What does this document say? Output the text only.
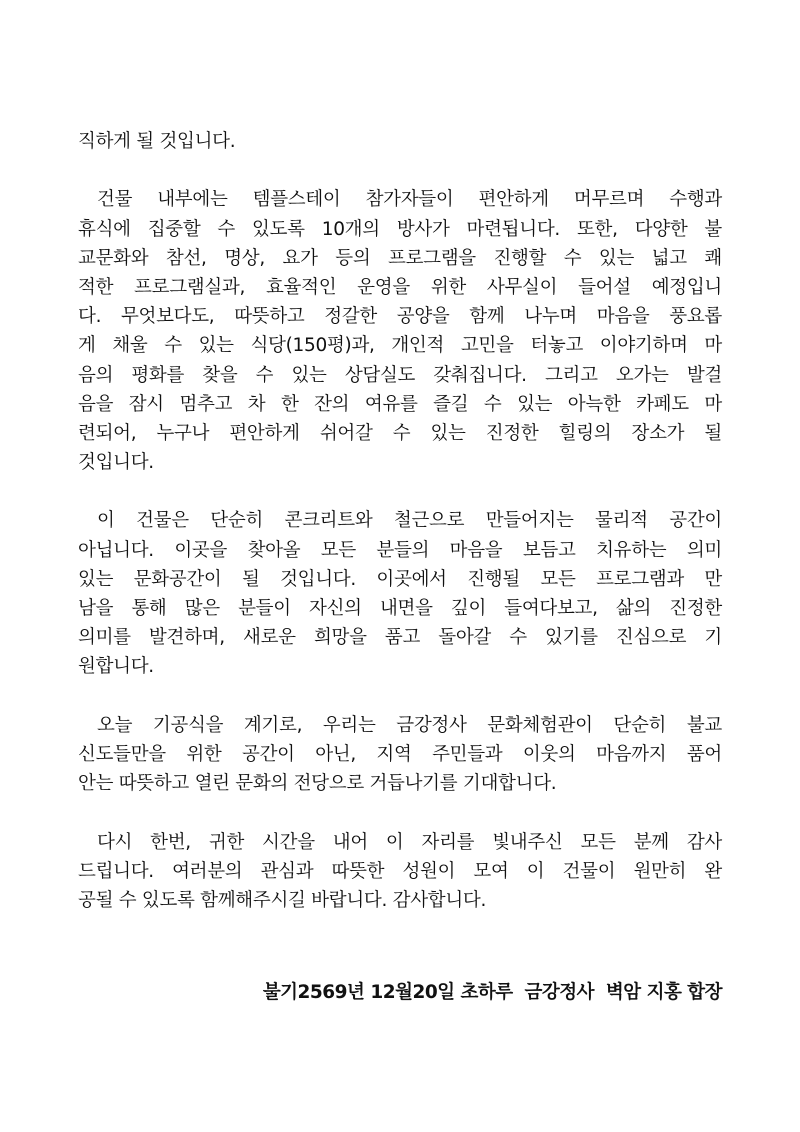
직하게 될 것입니다.
건물 내부에는 템플스테이 참가자들이 편안하게 머무르며 수행과
휴식에 집중할 수 있도록 10개의 방사가 마련됩니다. 또한, 다양한 불
교문화와 참선, 명상, 요가 등의 프로그램을 진행할 수 있는 넓고 쾌
적한 프로그램실과, 효율적인 운영을 위한 사무실이 들어설 예정입니
다. 무엇보다도, 따뜻하고 정갈한 공양을 함께 나누며 마음을 풍요롭
게 채울 수 있는 식당(150평)과, 개인적 고민을 터놓고 이야기하며 마
음의 평화를 찾을 수 있는 상담실도 갖춰집니다. 그리고 오가는 발걸
음을 잠시 멈추고 차 한 잔의 여유를 즐길 수 있는 아늑한 카페도 마
련되어, 누구나 편안하게 쉬어갈 수 있는 진정한 힐링의 장소가 될
것입니다.
이 건물은 단순히 콘크리트와 철근으로 만들어지는 물리적 공간이
아닙니다. 이곳을 찾아올 모든 분들의 마음을 보듬고 치유하는 의미
있는 문화공간이 될 것입니다. 이곳에서 진행될 모든 프로그램과 만
남을 통해 많은 분들이 자신의 내면을 깊이 들여다보고, 삶의 진정한
의미를 발견하며, 새로운 희망을 품고 돌아갈 수 있기를 진심으로 기
원합니다.
오늘 기공식을 계기로, 우리는 금강정사 문화체험관이 단순히 불교
신도들만을 위한 공간이 아닌, 지역 주민들과 이웃의 마음까지 품어
안는 따뜻하고 열린 문화의 전당으로 거듭나기를 기대합니다.
다시 한번, 귀한 시간을 내어 이 자리를 빛내주신 모든 분께 감사
드립니다. 여러분의 관심과 따뜻한 성원이 모여 이 건물이 원만히 완
공될 수 있도록 함께해주시길 바랍니다. 감사합니다.
불기2569년 12월20일 초하루  금강정사  벽암 지홍 합장
